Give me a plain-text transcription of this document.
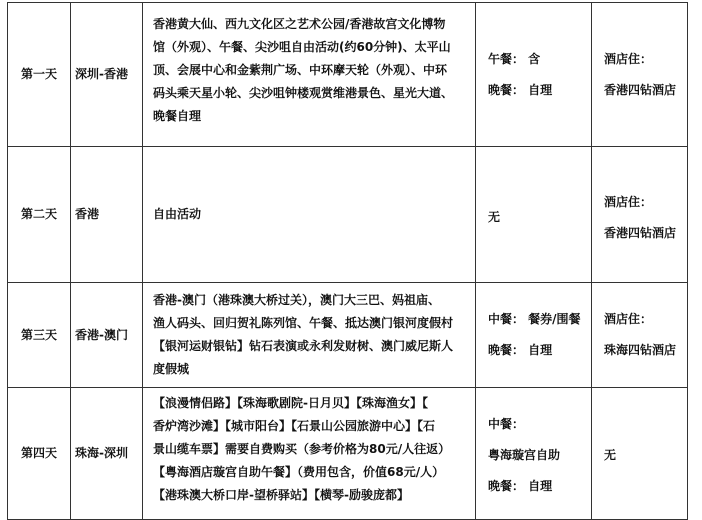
第一天	深圳-香港	香港黄大仙、西九文化区之艺术公园/香港故宫文化博物
馆（外观）、午餐、尖沙咀自由活动(约60分钟)、太平山
顶、会展中心和金紫荆广场、中环摩天轮（外观）、中环
码头乘天星小轮、尖沙咀钟楼观赏维港景色、星光大道、
晚餐自理	午餐： 含
晚餐： 自理	酒店住：
香港四钻酒店

第二天	香港	自由活动	无	酒店住：
香港四钻酒店

第三天	香港-澳门	香港-澳门（港珠澳大桥过关），澳门大三巴、妈祖庙、
渔人码头、回归贺礼陈列馆、午餐、抵达澳门银河度假村
【银河运财银钻】钻石表演或永利发财树、澳门威尼斯人
度假城	中餐： 餐券/围餐
晚餐： 自理	酒店住：
珠海四钻酒店

第四天	珠海-深圳	【浪漫情侣路】【珠海歌剧院-日月贝】【珠海渔女】【
香炉湾沙滩】【城市阳台】【石景山公园旅游中心】【石
景山缆车票】需要自费购买（参考价格为80元/人往返）
【粤海酒店璇宫自助午餐】（费用包含，价值68元/人）
【港珠澳大桥口岸-望桥驿站】【横琴-励骏庞都】	中餐：
粤海璇宫自助
晚餐： 自理	无
